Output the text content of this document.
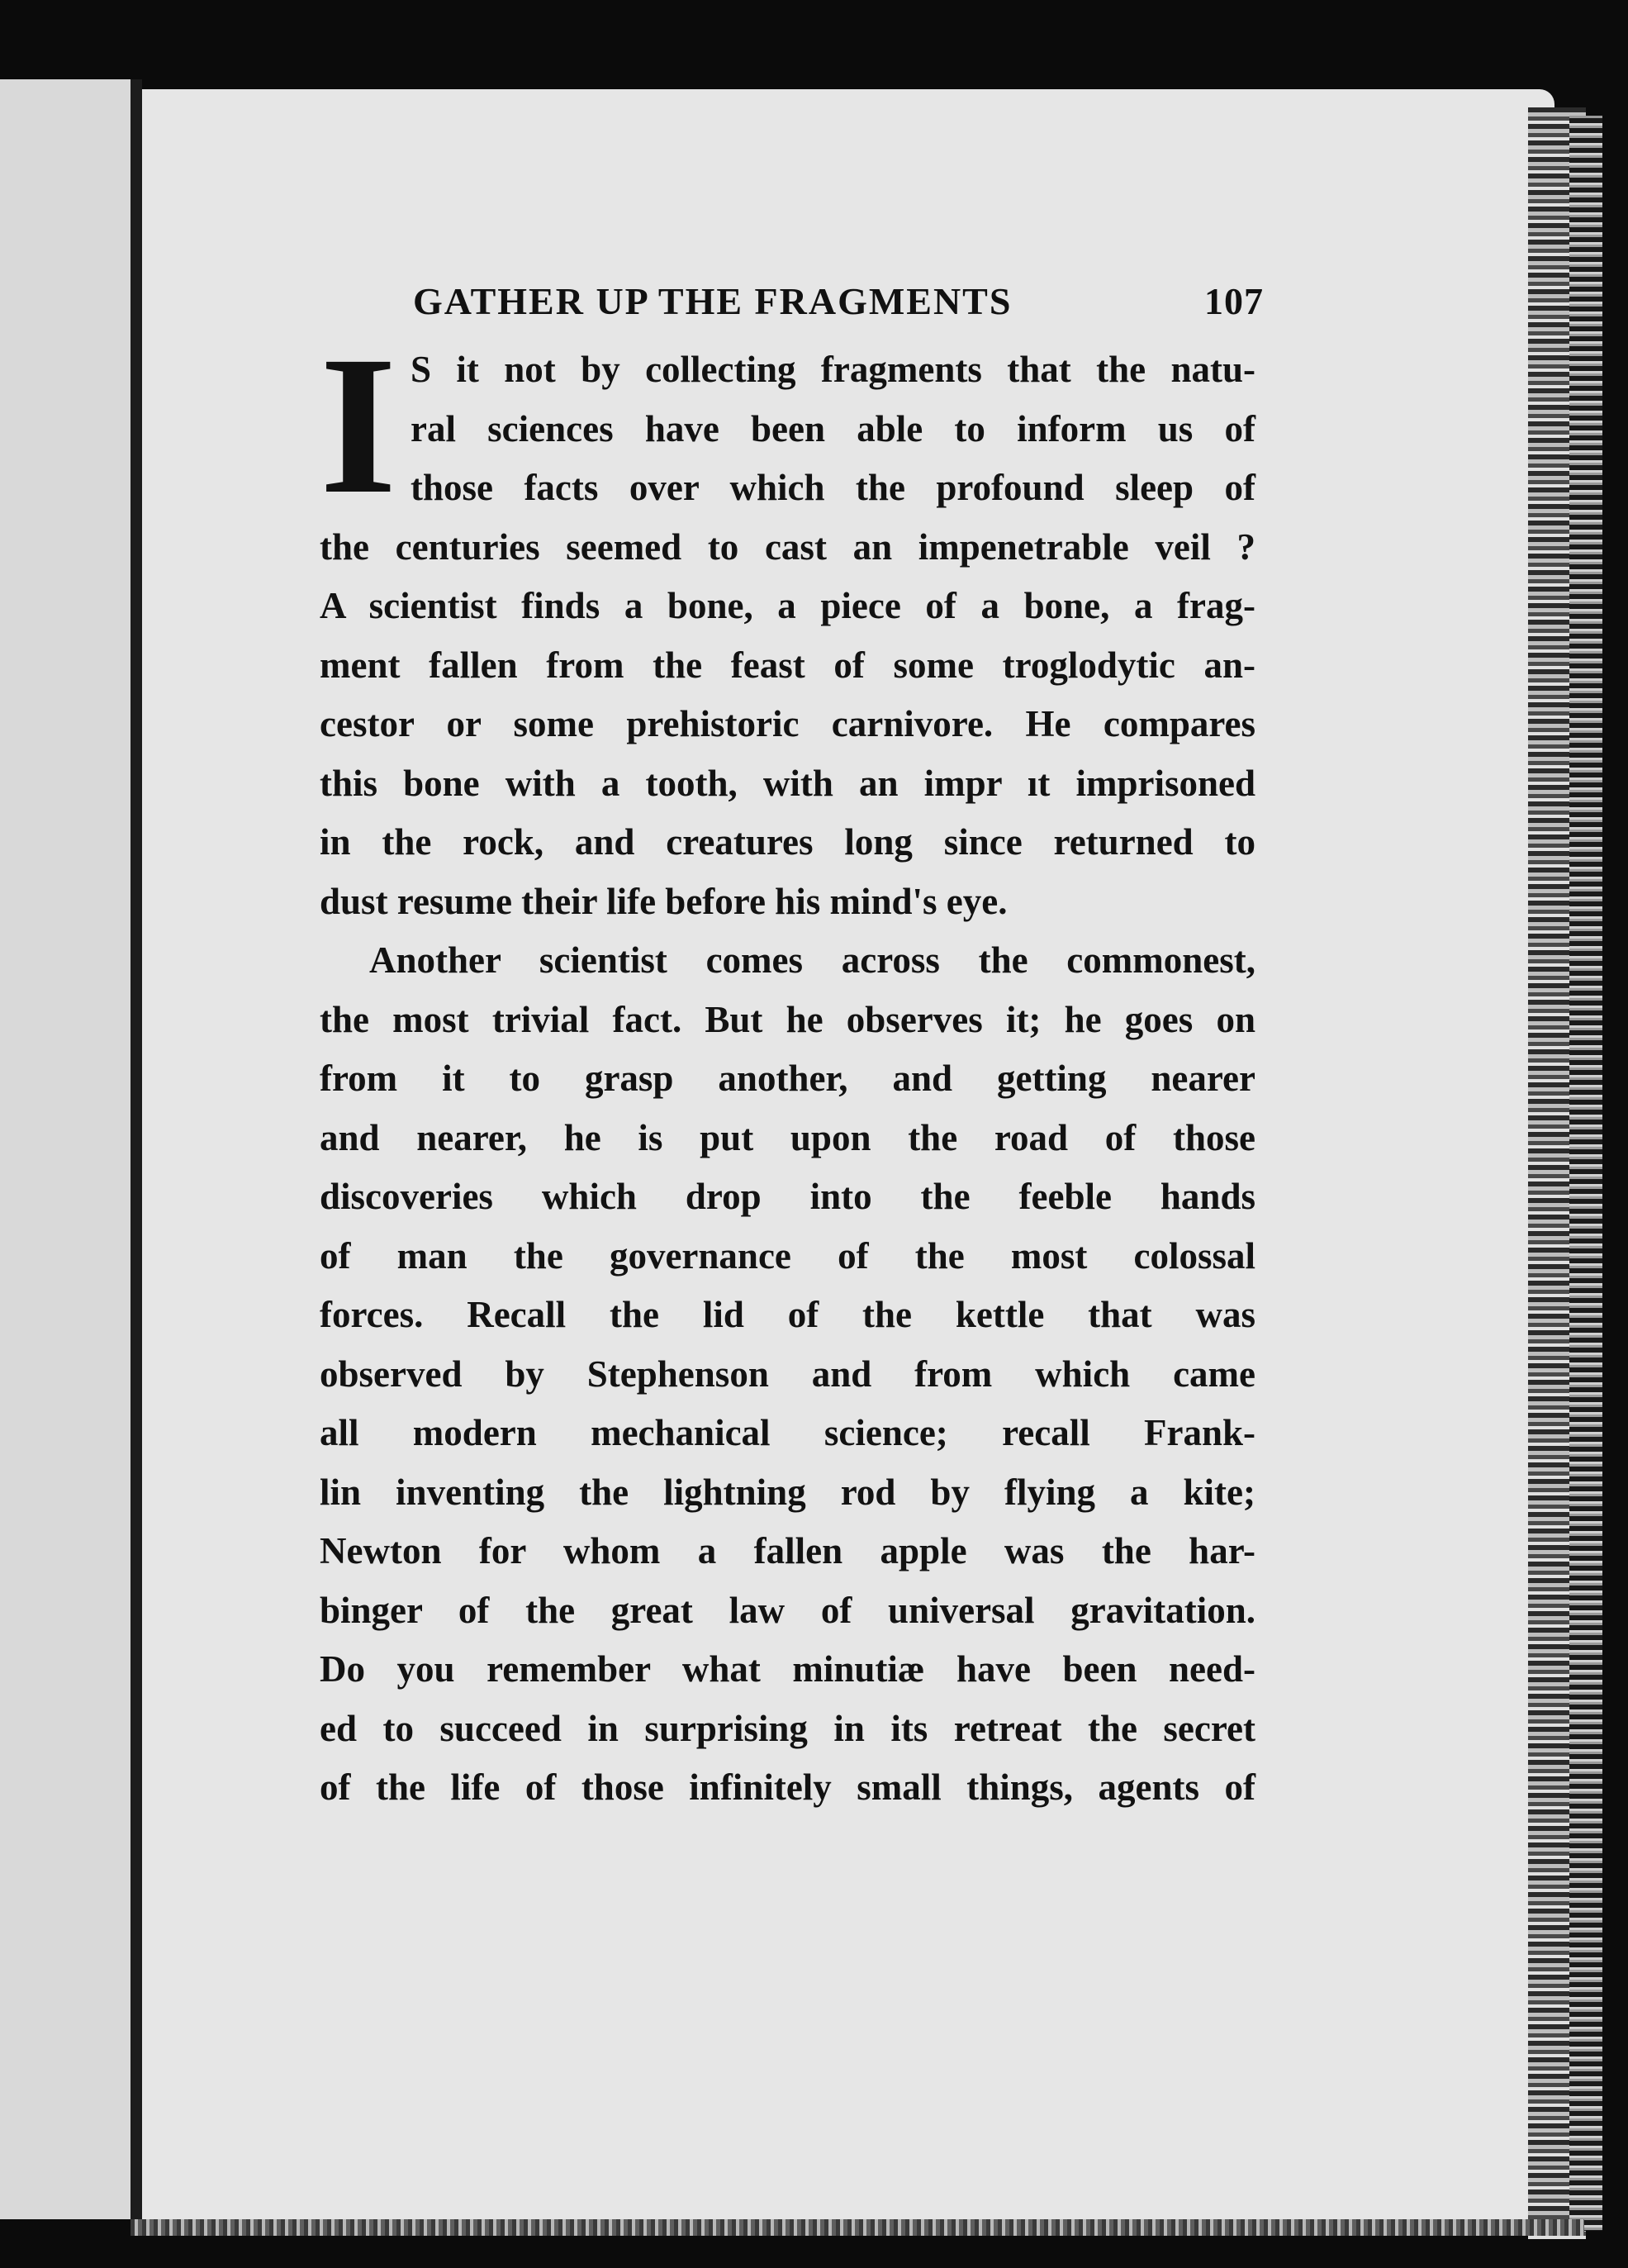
GATHER UP THE FRAGMENTS	107
I S it not by collecting fragments that the natu-
ral sciences have been able to inform us of
those facts over which the profound sleep of
the centuries seemed to cast an impenetrable veil ?
A scientist finds a bone, a piece of a bone, a frag-
ment fallen from the feast of some troglodytic an-
cestor or some prehistoric carnivore. He compares
this bone with a tooth, with an impr ıt imprisoned
in the rock, and creatures long since returned to
dust resume their life before his mind's eye.
Another scientist comes across the commonest,
the most trivial fact. But he observes it; he goes on
from it to grasp another, and getting nearer
and nearer, he is put upon the road of those
discoveries which drop into the feeble hands
of man the governance of the most colossal
forces. Recall the lid of the kettle that was
observed by Stephenson and from which came
all modern mechanical science; recall Frank-
lin inventing the lightning rod by flying a kite;
Newton for whom a fallen apple was the har-
binger of the great law of universal gravitation.
Do you remember what minutiæ have been need-
ed to succeed in surprising in its retreat the secret
of the life of those infinitely small things, agents of
